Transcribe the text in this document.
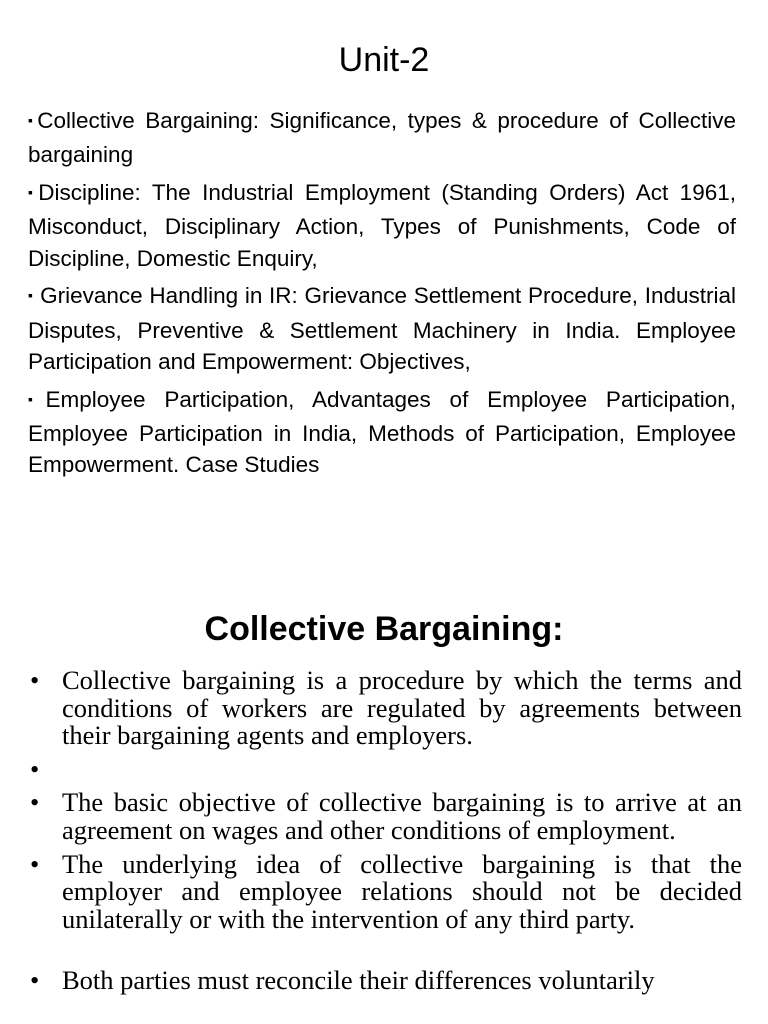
Unit-2
▪Collective Bargaining: Significance, types & procedure of Collective bargaining
▪Discipline: The Industrial Employment (Standing Orders) Act 1961, Misconduct, Disciplinary Action, Types of Punishments, Code of Discipline, Domestic Enquiry,
▪ Grievance Handling in IR: Grievance Settlement Procedure, Industrial Disputes, Preventive & Settlement Machinery in India. Employee Participation and Empowerment: Objectives,
▪Employee Participation, Advantages of Employee Participation, Employee Participation in India, Methods of Participation, Employee Empowerment. Case Studies
Collective Bargaining:
• Collective bargaining is a procedure by which the terms and conditions of workers are regulated by agreements between their bargaining agents and employers.
•
• The basic objective of collective bargaining is to arrive at an agreement on wages and other conditions of employment.
• The underlying idea of collective bargaining is that the employer and employee relations should not be decided unilaterally or with the intervention of any third party.
• Both parties must reconcile their differences voluntarily
